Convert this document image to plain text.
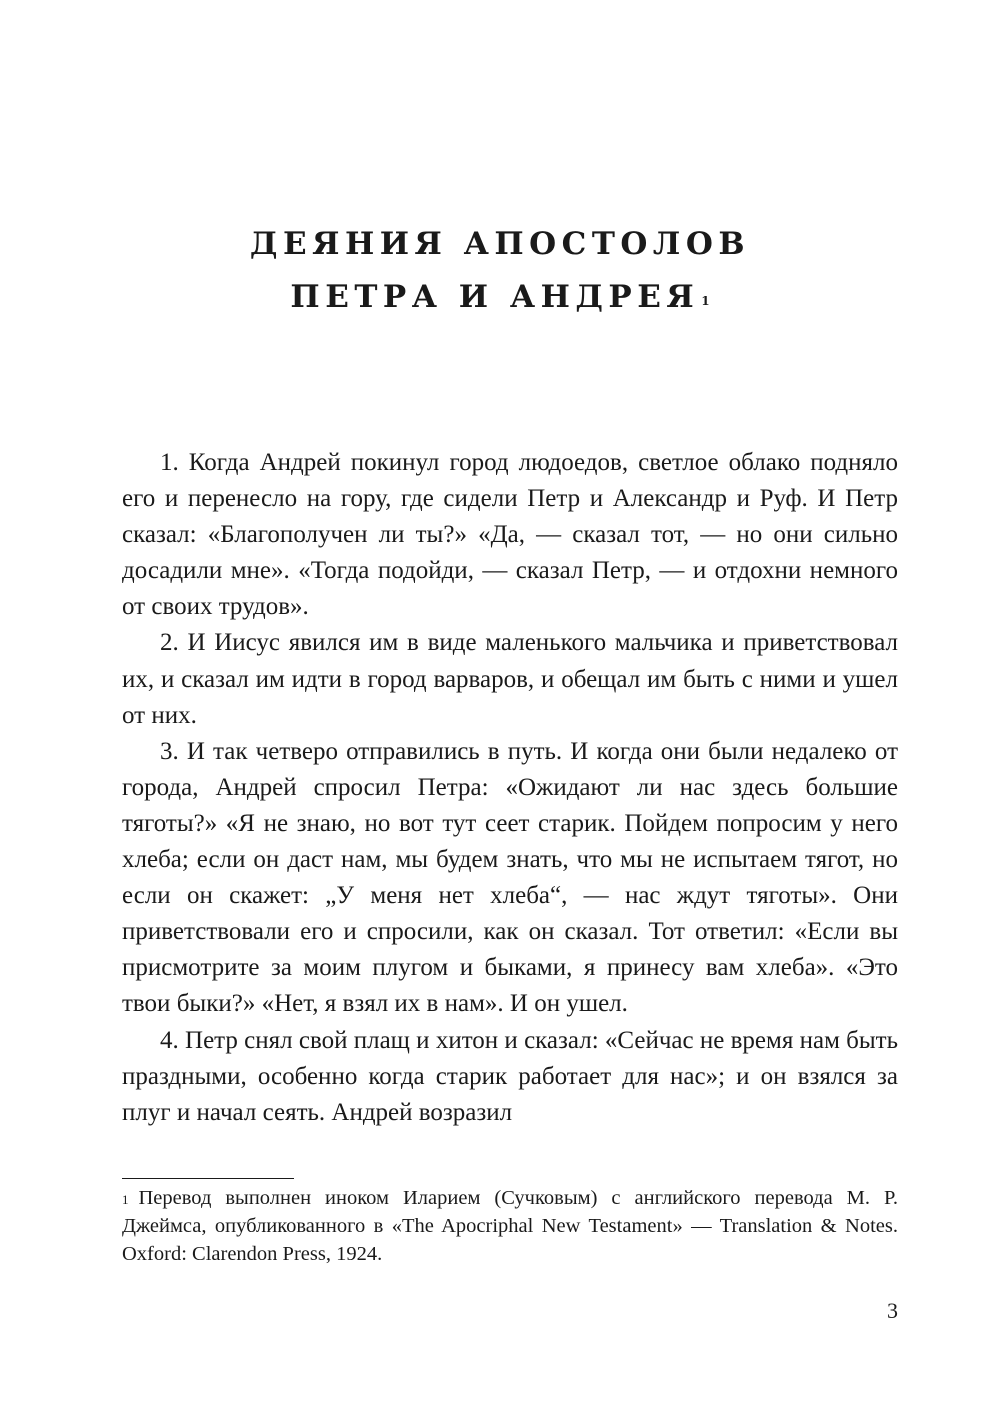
ДЕЯНИЯ АПОСТОЛОВ
ПЕТРА И АНДРЕЯ $^1$

1. Когда Андрей покинул город людоедов, светлое облако подняло его и перенесло на гору, где сидели Петр и Александр и Руф. И Петр сказал: «Благополучен ли ты?» «Да, — сказал тот, — но они сильно досадили мне». «Тогда подойди, — сказал Петр, — и отдохни немного от своих трудов».

2. И Иисус явился им в виде маленького мальчика и приветствовал их, и сказал им идти в город варваров, и обещал им быть с ними и ушел от них.

3. И так четверо отправились в путь. И когда они были недалеко от города, Андрей спросил Петра: «Ожидают ли нас здесь большие тяготы?» «Я не знаю, но вот тут сеет старик. Пойдем попросим у него хлеба; если он даст нам, мы будем знать, что мы не испытаем тягот, но если он скажет: „У меня нет хлеба“, — нас ждут тяготы». Они приветствовали его и спросили, как он сказал. Тот ответил: «Если вы присмотрите за моим плугом и быками, я принесу вам хлеба». «Это твои быки?» «Нет, я взял их в нам». И он ушел.

4. Петр снял свой плащ и хитон и сказал: «Сейчас не время нам быть праздными, особенно когда старик работает для нас»; и он взялся за плуг и начал сеять. Андрей возразил

$^1$ Перевод выполнен иноком Иларием (Сучковым) с английского перевода М. Р. Джеймса, опубликованного в «The Apocriphal New Testament» — Translation & Notes. Oxford: Clarendon Press, 1924.

3
